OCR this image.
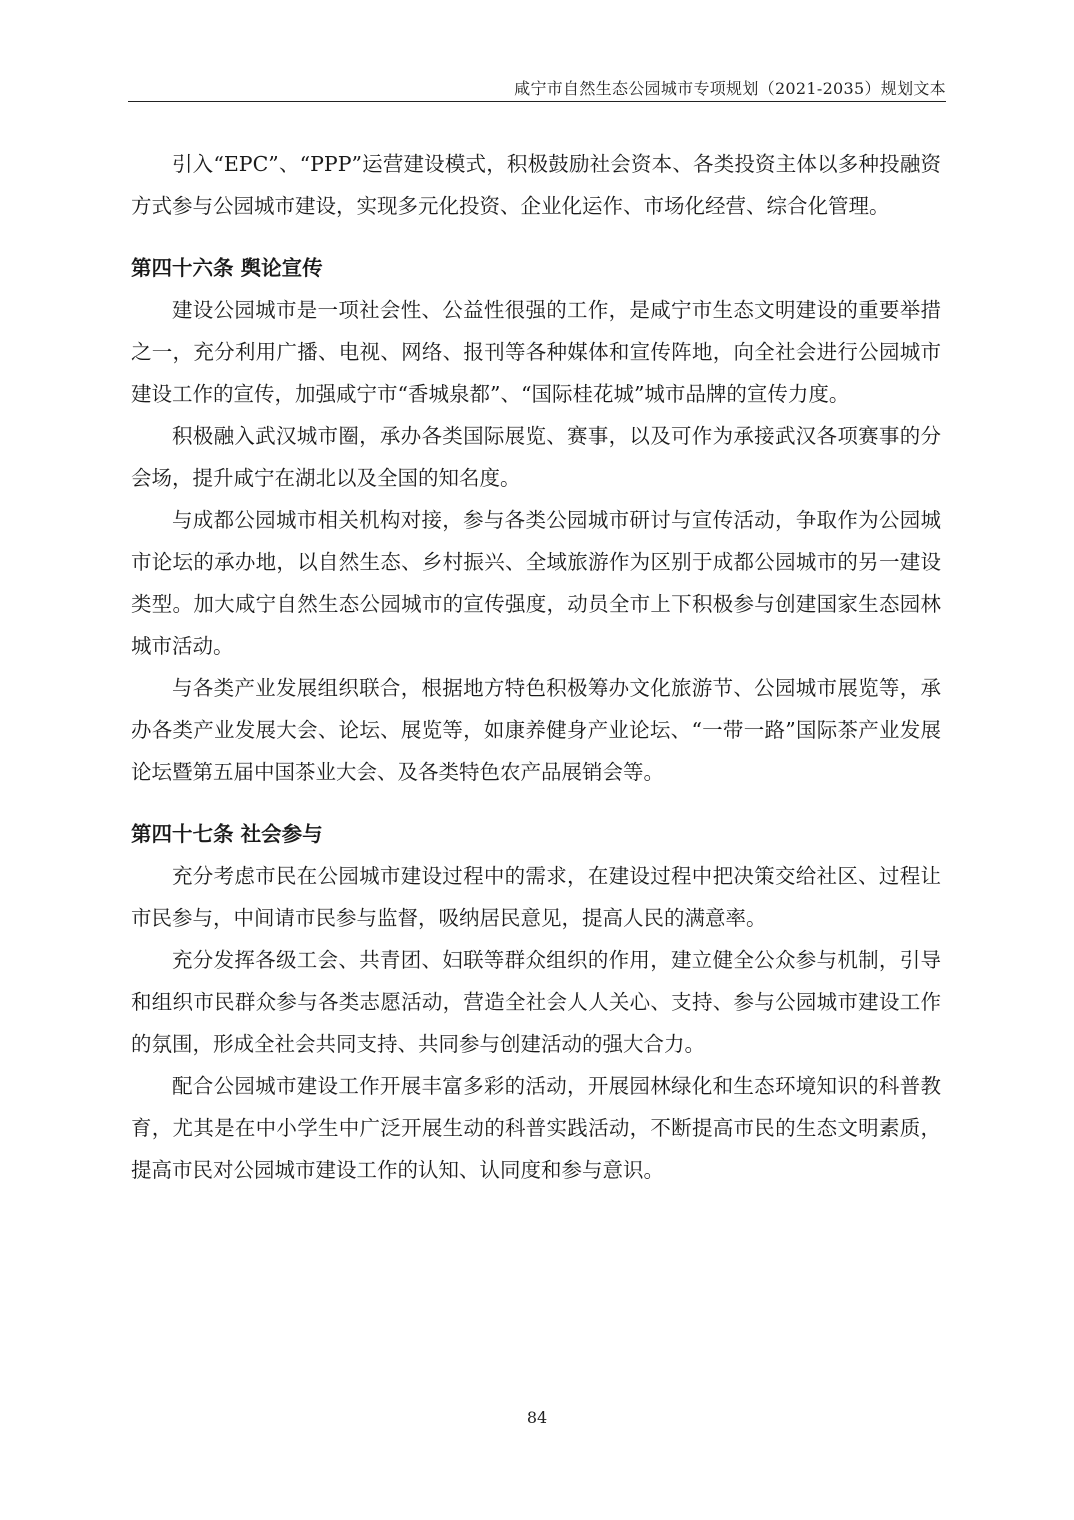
咸宁市自然生态公园城市专项规划（2021-2035）规划文本

引入“EPC”、“PPP”运营建设模式，积极鼓励社会资本、各类投资主体以多种投融资方式参与公园城市建设，实现多元化投资、企业化运作、市场化经营、综合化管理。

第四十六条 舆论宣传

建设公园城市是一项社会性、公益性很强的工作，是咸宁市生态文明建设的重要举措之一，充分利用广播、电视、网络、报刊等各种媒体和宣传阵地，向全社会进行公园城市建设工作的宣传，加强咸宁市“香城泉都”、“国际桂花城”城市品牌的宣传力度。

积极融入武汉城市圈，承办各类国际展览、赛事，以及可作为承接武汉各项赛事的分会场，提升咸宁在湖北以及全国的知名度。

与成都公园城市相关机构对接，参与各类公园城市研讨与宣传活动，争取作为公园城市论坛的承办地，以自然生态、乡村振兴、全域旅游作为区别于成都公园城市的另一建设类型。加大咸宁自然生态公园城市的宣传强度，动员全市上下积极参与创建国家生态园林城市活动。

与各类产业发展组织联合，根据地方特色积极筹办文化旅游节、公园城市展览等，承办各类产业发展大会、论坛、展览等，如康养健身产业论坛、“一带一路”国际茶产业发展论坛暨第五届中国茶业大会、及各类特色农产品展销会等。

第四十七条 社会参与

充分考虑市民在公园城市建设过程中的需求，在建设过程中把决策交给社区、过程让市民参与，中间请市民参与监督，吸纳居民意见，提高人民的满意率。

充分发挥各级工会、共青团、妇联等群众组织的作用，建立健全公众参与机制，引导和组织市民群众参与各类志愿活动，营造全社会人人关心、支持、参与公园城市建设工作的氛围，形成全社会共同支持、共同参与创建活动的强大合力。

配合公园城市建设工作开展丰富多彩的活动，开展园林绿化和生态环境知识的科普教育，尤其是在中小学生中广泛开展生动的科普实践活动，不断提高市民的生态文明素质，提高市民对公园城市建设工作的认知、认同度和参与意识。

84
